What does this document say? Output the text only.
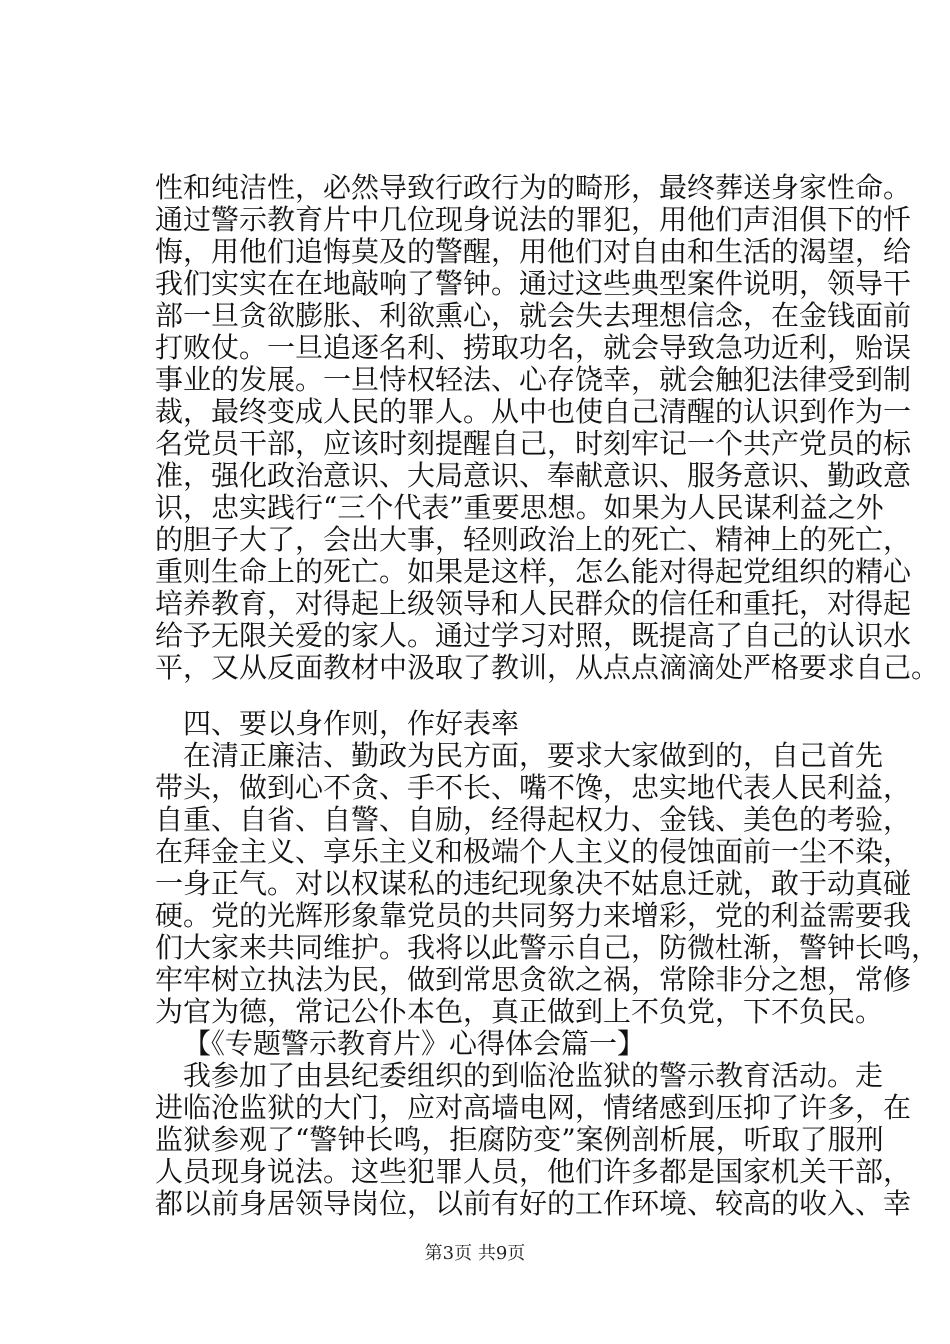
性和纯洁性，必然导致行政行为的畸形，最终葬送身家性命。
通过警示教育片中几位现身说法的罪犯，用他们声泪俱下的忏
悔，用他们追悔莫及的警醒，用他们对自由和生活的渴望，给
我们实实在在地敲响了警钟。通过这些典型案件说明，领导干
部一旦贪欲膨胀、利欲熏心，就会失去理想信念，在金钱面前
打败仗。一旦追逐名利、捞取功名，就会导致急功近利，贻误
事业的发展。一旦恃权轻法、心存饶幸，就会触犯法律受到制
裁，最终变成人民的罪人。从中也使自己清醒的认识到作为一
名党员干部，应该时刻提醒自己，时刻牢记一个共产党员的标
准，强化政治意识、大局意识、奉献意识、服务意识、勤政意
识，忠实践行“三个代表”重要思想。如果为人民谋利益之外
的胆子大了，会出大事，轻则政治上的死亡、精神上的死亡，
重则生命上的死亡。如果是这样，怎么能对得起党组织的精心
培养教育，对得起上级领导和人民群众的信任和重托，对得起
给予无限关爱的家人。通过学习对照，既提高了自己的认识水
平，又从反面教材中汲取了教训，从点点滴滴处严格要求自己。
四、要以身作则，作好表率
在清正廉洁、勤政为民方面，要求大家做到的，自己首先
带头，做到心不贪、手不长、嘴不馋，忠实地代表人民利益，
自重、自省、自警、自励，经得起权力、金钱、美色的考验，
在拜金主义、享乐主义和极端个人主义的侵蚀面前一尘不染，
一身正气。对以权谋私的违纪现象决不姑息迁就，敢于动真碰
硬。党的光辉形象靠党员的共同努力来增彩，党的利益需要我
们大家来共同维护。我将以此警示自己，防微杜渐，警钟长鸣，
牢牢树立执法为民，做到常思贪欲之祸，常除非分之想，常修
为官为德，常记公仆本色，真正做到上不负党，下不负民。
【《专题警示教育片》心得体会篇一】
我参加了由县纪委组织的到临沧监狱的警示教育活动。走
进临沧监狱的大门，应对高墙电网，情绪感到压抑了许多，在
监狱参观了“警钟长鸣，拒腐防变”案例剖析展，听取了服刑
人员现身说法。这些犯罪人员，他们许多都是国家机关干部，
都以前身居领导岗位，以前有好的工作环境、较高的收入、幸
第3页 共9页
